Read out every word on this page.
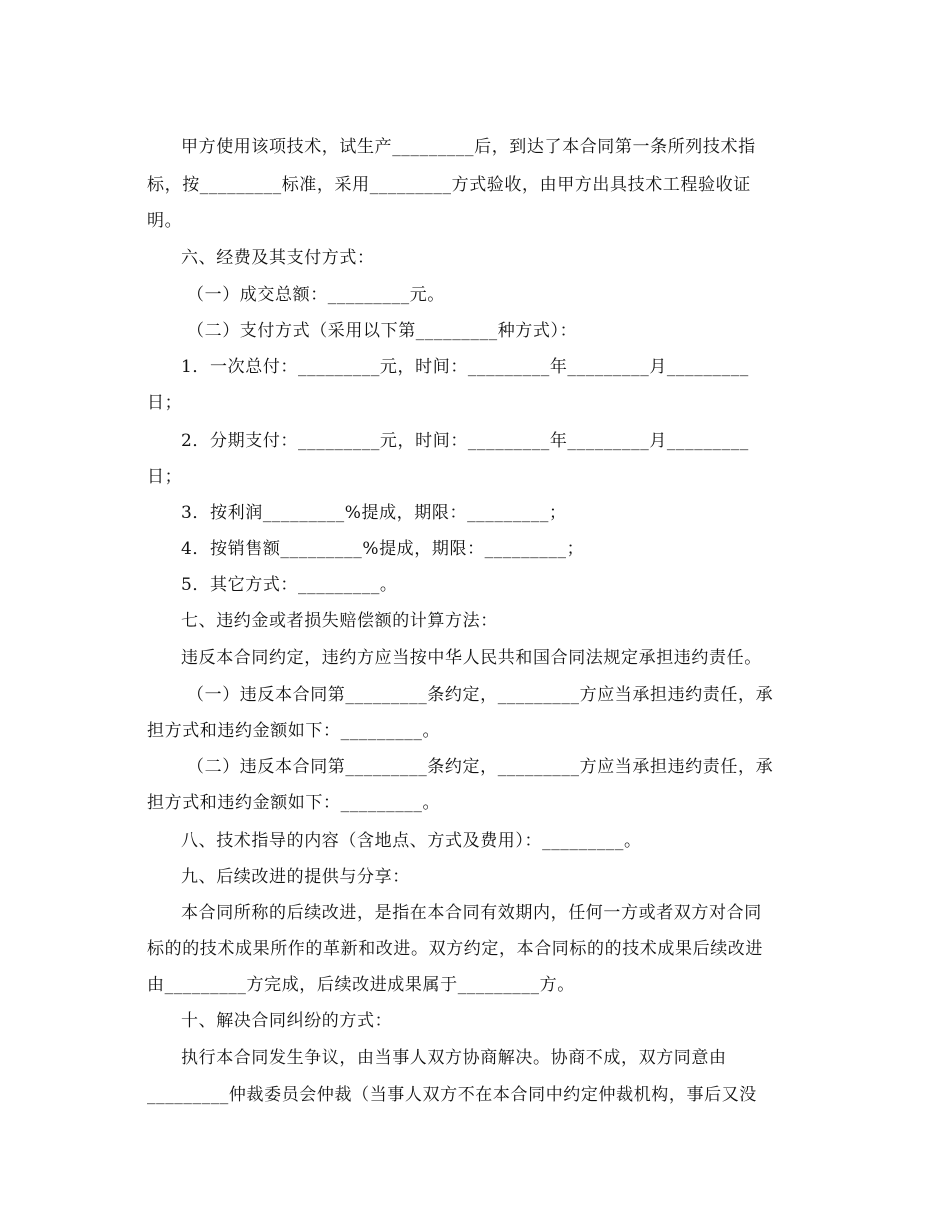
甲方使用该项技术，试生产_________后，到达了本合同第一条所列技术指
标，按_________标准，采用_________方式验收，由甲方出具技术工程验收证
明。
六、经费及其支付方式：
（一）成交总额：_________元。
（二）支付方式（采用以下第_________种方式）：
1．一次总付：_________元，时间：_________年_________月_________
日；
2．分期支付：_________元，时间：_________年_________月_________
日；
3．按利润_________%提成，期限：_________；
4．按销售额_________%提成，期限：_________；
5．其它方式：_________。
七、违约金或者损失赔偿额的计算方法：
违反本合同约定，违约方应当按中华人民共和国合同法规定承担违约责任。
（一）违反本合同第_________条约定，_________方应当承担违约责任，承
担方式和违约金额如下：_________。
（二）违反本合同第_________条约定，_________方应当承担违约责任，承
担方式和违约金额如下：_________。
八、技术指导的内容（含地点、方式及费用）：_________。
九、后续改进的提供与分享：
本合同所称的后续改进，是指在本合同有效期内，任何一方或者双方对合同
标的的技术成果所作的革新和改进。双方约定，本合同标的的技术成果后续改进
由_________方完成，后续改进成果属于_________方。
十、解决合同纠纷的方式：
执行本合同发生争议，由当事人双方协商解决。协商不成，双方同意由
_________仲裁委员会仲裁（当事人双方不在本合同中约定仲裁机构，事后又没
